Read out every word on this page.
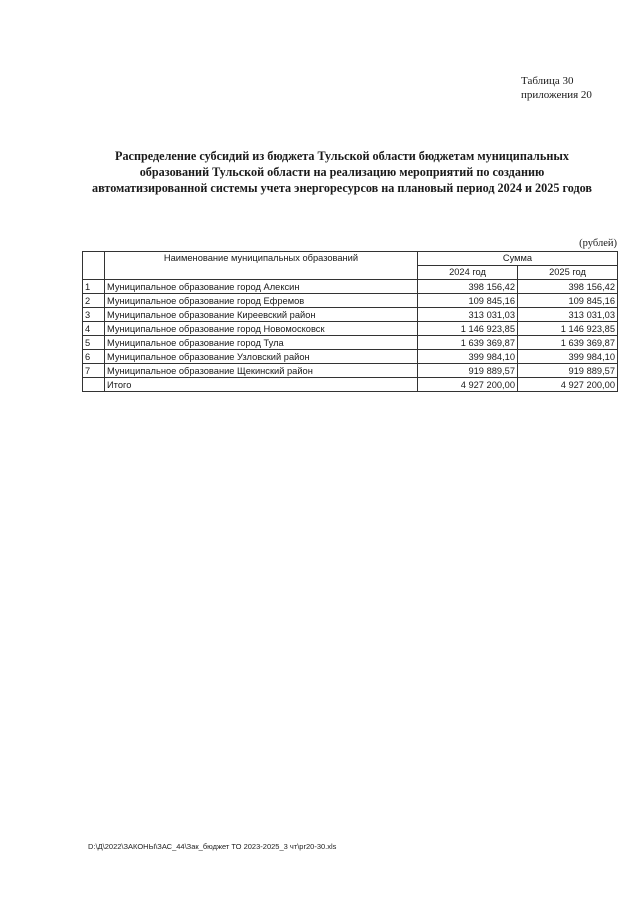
Таблица 30
приложения 20
Распределение субсидий из бюджета Тульской области бюджетам муниципальных
образований Тульской области на реализацию мероприятий по созданию
автоматизированной системы учета энергоресурсов на плановый период 2024 и 2025 годов
(рублей)
	Наименование муниципальных образований	Сумма	
		2024 год	2025 год
1	Муниципальное образование город Алексин	398 156,42	398 156,42
2	Муниципальное образование город Ефремов	109 845,16	109 845,16
3	Муниципальное образование Киреевский район	313 031,03	313 031,03
4	Муниципальное образование город Новомосковск	1 146 923,85	1 146 923,85
5	Муниципальное образование город Тула	1 639 369,87	1 639 369,87
6	Муниципальное образование Узловский район	399 984,10	399 984,10
7	Муниципальное образование Щекинский район	919 889,57	919 889,57
	Итого	4 927 200,00	4 927 200,00
D:\Д\2022\ЗАКОНЫ\ЗАС_44\Зак_бюджет ТО 2023-2025_3 чт\pr20-30.xls
